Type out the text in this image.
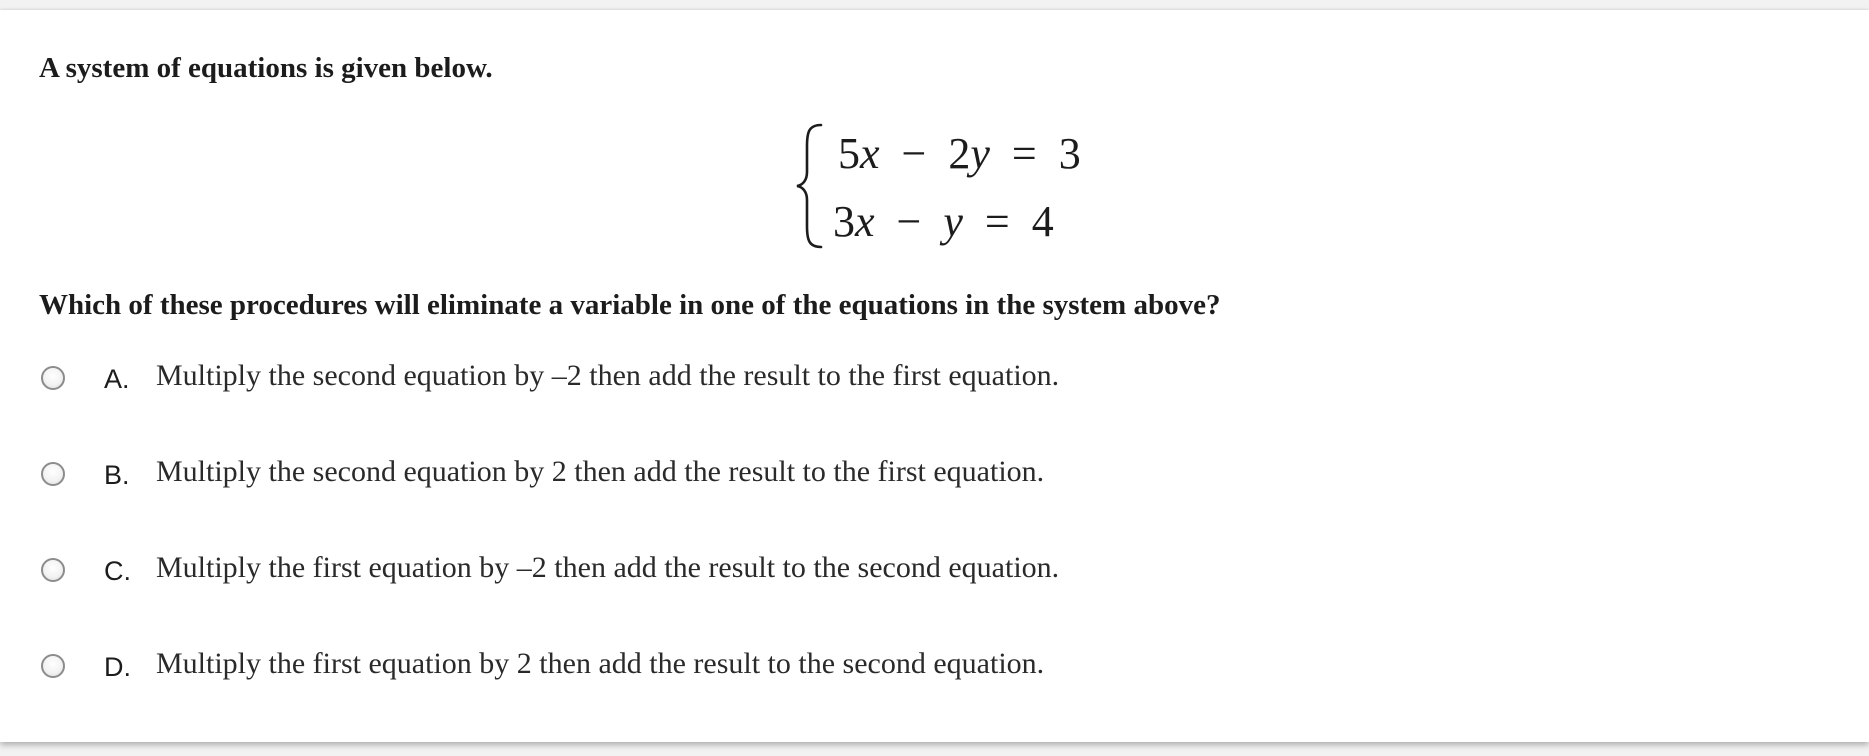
A system of equations is given below.

5x  −  2y  =  3
3x  −  y  =  4

Which of these procedures will eliminate a variable in one of the equations in the system above?

A. Multiply the second equation by –2 then add the result to the first equation.
B. Multiply the second equation by 2 then add the result to the first equation.
C. Multiply the first equation by –2 then add the result to the second equation.
D. Multiply the first equation by 2 then add the result to the second equation.
